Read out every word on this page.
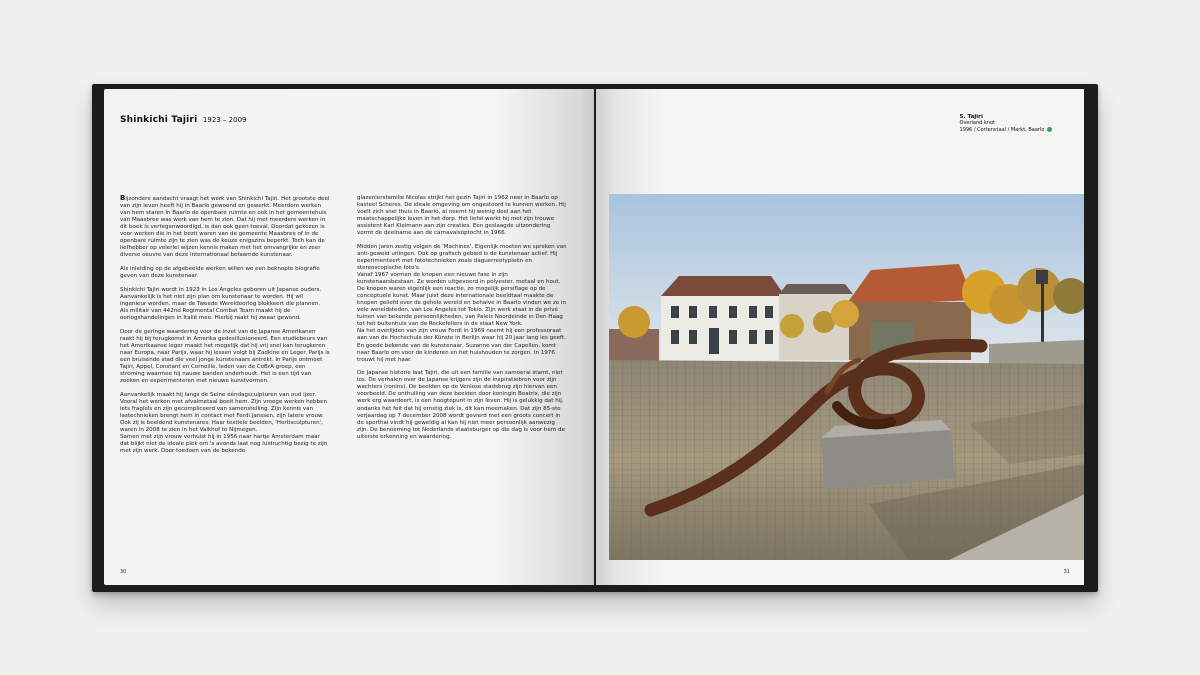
Shinkichi Tajiri 1923 – 2009

Bijzondere aandacht vraagt het werk van Shinkichi Tajiri. Het grootste deel van zijn leven heeft hij in Baarlo gewoond en gewerkt. Meerdere werken van hem staren in Baarlo de openbare ruimte en ook in het gemeentehuis van Maasbree was werk van hem te zien. Dat hij met meerdere werken in dit boek is vertegenwoordigd, is dan ook geen toeval. Doordat gekozen is voor werken die in het bezit waren van de gemeente Maasbree of in de openbare ruimte zijn te zien was de keuze enigszins beperkt. Toch kan de liefhebber op velerlei wijzen kennis maken met het omvangrijke en zeer diverse oeuvre van deze internationaal befaamde kunstenaar.

Als inleiding op de afgebeelde werken willen we een beknopte biografie geven van deze kunstenaar.

Shinkichi Tajiri wordt in 1923 in Los Angeles geboren uit Japanse ouders. Aanvankelijk is het niet zijn plan om kunstenaar te worden. Hij wil ingenieur worden, maar de Tweede Wereldoorlog blokkeert die plannen. Als militair van 442nd Regimental Combat Team maakt hij de oorlogshandelingen in Italië mee. Hierbij raakt hij zwaar gewond.

Door de geringe waardering voor de inzet van de Japanse Amerikanen raakt hij bij terugkomst in Amerika gedesillusioneerd. Een studiebeurs van het Amerikaanse leger maakt het mogelijk dat hij vrij snel kan terugkeren naar Europa, naar Parijs, waar hij lessen volgt bij Zadkine en Leger. Parijs is een bruisende stad die veel jonge kunstenaars antrekt. In Parijs ontmoet Tajiri, Appel, Constant en Corneille, leden van de CoBrA groep, een stroming waarmee hij nauwe banden onderhoudt. Het is een tijd van zoeken en experimenteren met nieuwe kunstvormen.

Aanvankelijk maakt hij langs de Seine ééndagsculpturen van oud ijzer. Vooral het werken met afvalmetaal boeit hem. Zijn vroege werken hebben iets fragiels en zijn gecompliceerd van samenstelling. Zijn kennis van lastechnieken brengt hem in contact met Ferdi Janssen, zijn latere vrouw. Ook zij is beeldend kunstenares. Haar textiele beelden, 'Hortisculpturen', waren in 2008 te zien in het Valkhof te Nijmegen.

Samen met zijn vrouw verhuist hij in 1956 naar hartje Amsterdam maar dat blijkt niet de ideale plek om 's avonds laat nog luidruchtig bezig te zijn met zijn werk. Door toedoen van de bekende

glazeniersfamilie Nicolas strijkt het gezin Tajiri in 1962 neer in Baarlo op kasteel Scheres. De ideale omgeving om ongestoord te kunnen werken. Hij voelt zich snel thuis in Baarlo, al neemt hij weinig deel aan het maatschappelijke leven in het dorp. Het liefst werkt hij met zijn trouwe assistent Karl Kleimann aan zijn creaties. Een geslaagde uitzondering vormt de deelname aan de carnavalsoptocht in 1966.

Midden jaren zestig volgen de 'Machines'. Eigenlijk moeten we spreken van anti-geweld uitingen. Ook op grafisch gebied is de kunstenaar actief. Hij experimenteert met fototechnieken zoals daguerreotypieën en stereoscopische foto's.

Vanaf 1967 vormen de knopen een nieuwe fase in zijn kunstenaarsbestaan. Ze worden uitgevoerd in polyester, metaal en hout. De knopen waren eigenlijk een reactie, zo mogelijk persiflage op de conceptuele kunst. Maar juist deze internationale beeldtaal maakte de knopen geliefd over de gehele wereld en behalve in Baarlo vinden we ze in vele wereldsteden, van Los Angeles tot Tokio. Zijn werk staat in de privé tuinen van bekende persoonlijkheden, van Paleis Noordeinde in Den Haag tot het buitenhuis van de Rockefellers in de staat New York.

Na het overlijden van zijn vrouw Ferdi in 1969 neemt hij een professoraat aan van de Hochschule der Künste in Berlijn waar hij 20 jaar lang les geeft. En goede bekende van de kunstenaar, Suzanne van der Capellen, komt naar Baarlo om voor de kinderen en het huishouden te zorgen. In 1976 trouwt hij met haar.

De Japanse historie laat Tajiri, die uit een familie van samoerai stamt, niet los. De verhalen over de Japanse krijgers zijn de inspiratiebron voor zijn wachters (ronins). De beelden op de Venlose stadsbrug zijn hiervan een voorbeeld. De onthulling van deze beelden door koningin Beatrix, die zijn werk erg waardeert, is een hoogtepunt in zijn leven. Hij is gelukkig dat hij, ondanks het feit dat hij ernstig ziek is, dit kan meemaken. Dat zijn 85-ste verjaardag op 7 december 2008 wordt gevierd met een groots concert in de sporthal vindt hij geweldig al kan hij niet meer persoonlijk aanwezig zijn. De benoeming tot Nederlands staatsburger op die dag is voor hem de uiterste erkenning en waardering.

30
5. Tajiri
Overland knot
1996 / Cortenstaal / Markt, Baarlo
31
